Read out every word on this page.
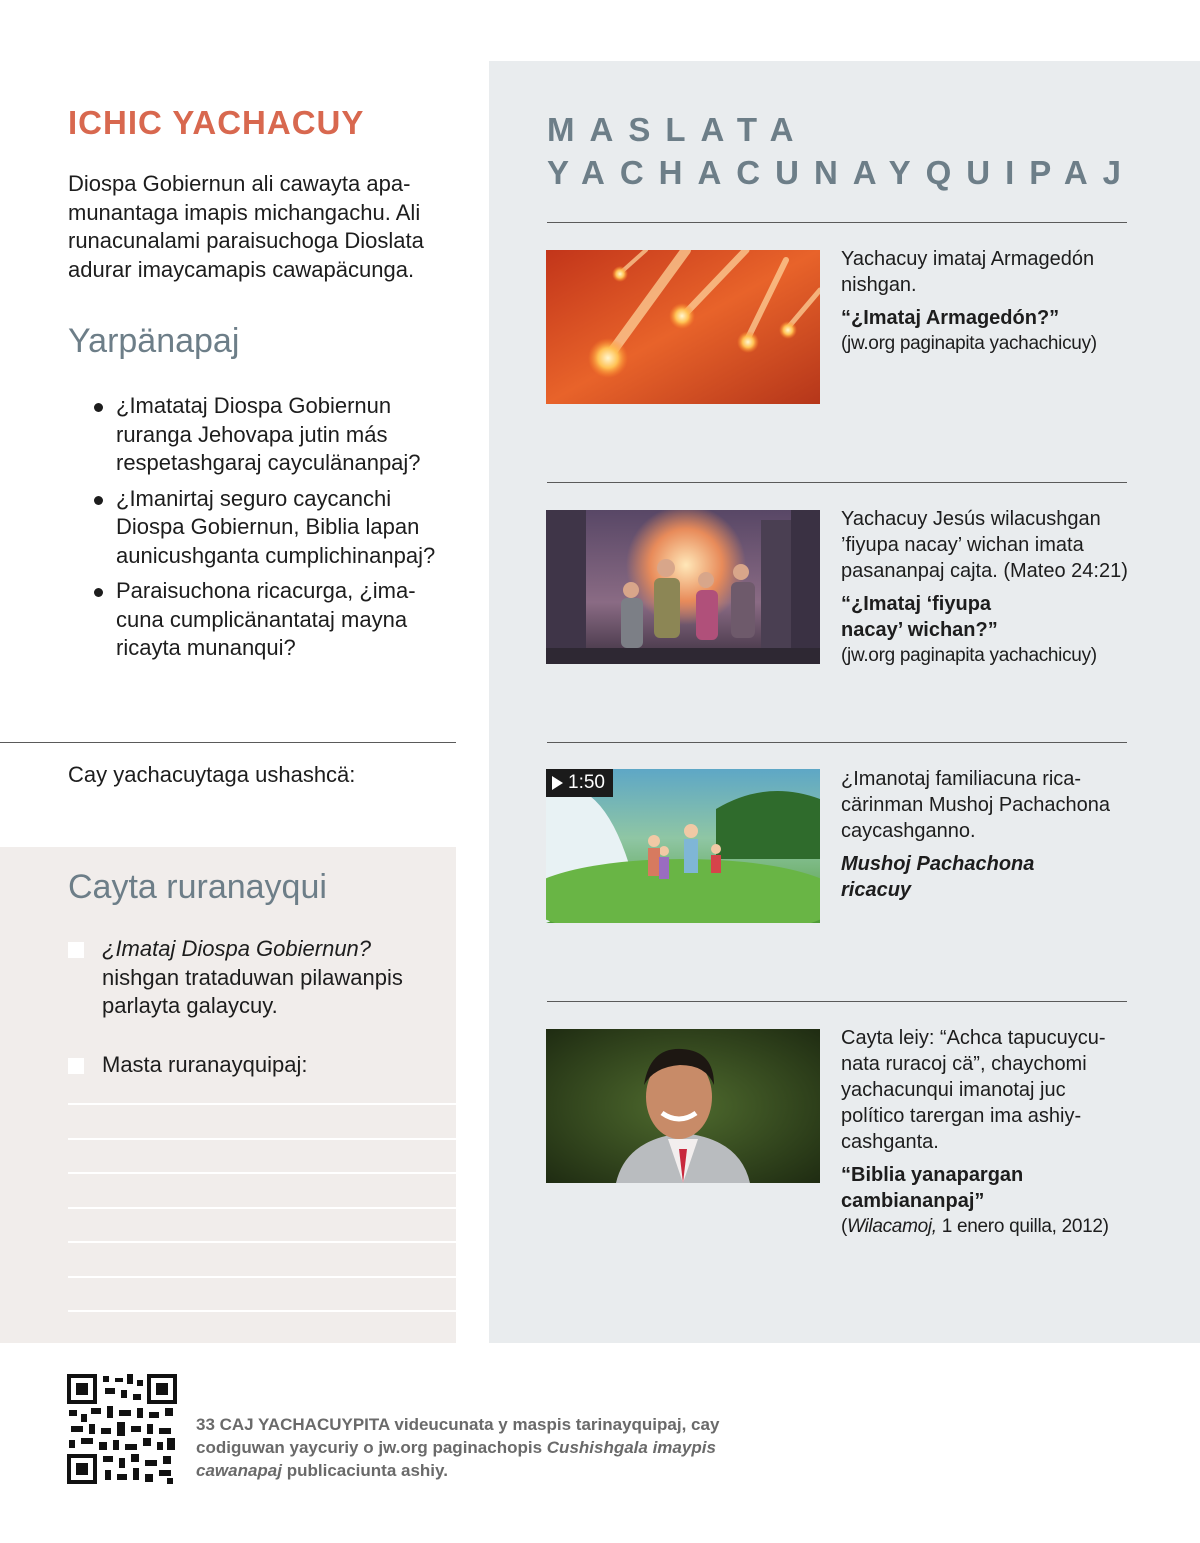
ICHIC YACHACUY

Diospa Gobiernun ali cawayta apa- munantaga imapis michangachu. Ali runacunalami paraisuchoga Dioslata adurar imaycamapis cawapäcunga.

Yarpänapaj
¿Imatataj Diospa Gobiernun ruranga Jehovapa jutin más respetashgaraj cayculänanpaj?
¿Imanirtaj seguro caycanchi Diospa Gobiernun, Biblia lapan aunicushganta cumplichinanpaj?
Paraisuchona ricacurga, ¿ima- cuna cumplicänantataj mayna ricayta munanqui?

Cay yachacuytaga ushashcä:

Cayta ruranayqui
¿Imataj Diospa Gobiernun? nishgan trataduwan pilawanpis parlayta galaycuy.
Masta ruranayquipaj:
MASLATA
YACHACUNAYQUIPAJ

Yachacuy imataj Armagedón nishgan.

“¿Imataj Armagedón?”

(jw.org paginapita yachachicuy)

Yachacuy Jesús wilacushgan ’fiyupa nacay’ wichan imata pasananpaj cajta. (Mateo 24:21)

“¿Imataj ‘fiyupa nacay’ wichan?”

(jw.org paginapita yachachicuy)

1:50	¿Imanotaj familiacuna rica- cärinman Mushoj Pachachona caycashganno.

Mushoj Pachachona ricacuy

Cayta leiy: “Achca tapucuycu- nata ruracoj cä”, chaychomi yachacunqui imanotaj juc político tarergan ima ashiy- cashganta.

“Biblia yanapargan cambiananpaj”

(Wilacamoj, 1 enero quilla, 2012)

33 CAJ YACHACUYPITA videucunata y maspis tarinayquipaj, cay codiguwan yaycuriy o jw.org paginachopis Cushishgala imaypis cawanapaj publicaciunta ashiy.
